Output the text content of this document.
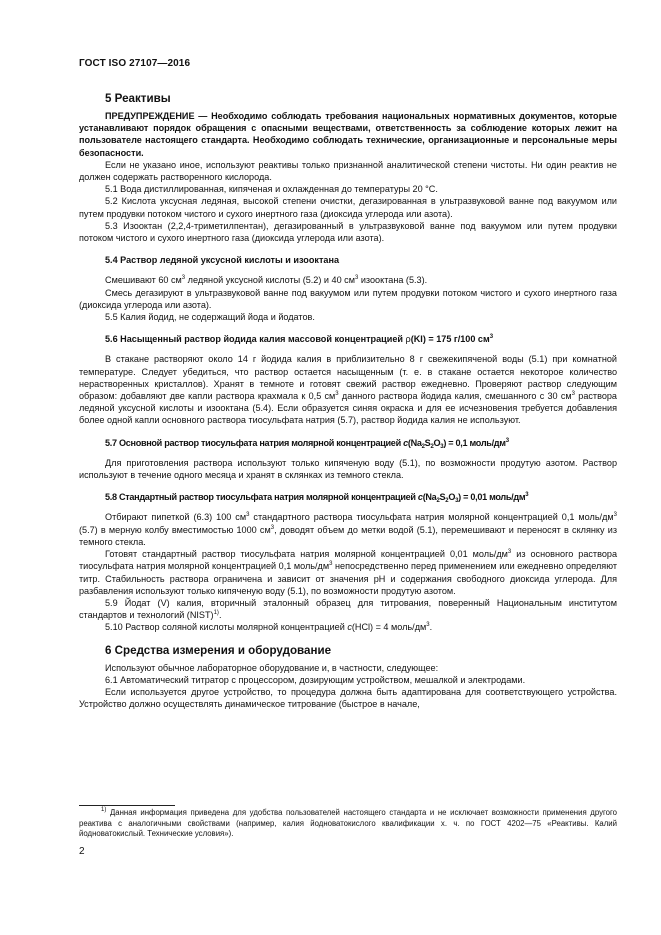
ГОСТ ISO 27107—2016
5 Реактивы

ПРЕДУПРЕЖДЕНИЕ — Необходимо соблюдать требования национальных нормативных документов, которые устанавливают порядок обращения с опасными веществами, ответственность за соблюдение которых лежит на пользователе настоящего стандарта. Необходимо соблюдать технические, организационные и персональные меры безопасности.

Если не указано иное, используют реактивы только признанной аналитической степени чистоты. Ни один реактив не должен содержать растворенного кислорода.

5.1 Вода дистиллированная, кипяченая и охлажденная до температуры 20 °С.

5.2 Кислота уксусная ледяная, высокой степени очистки, дегазированная в ультразвуковой ванне под вакуумом или путем продувки потоком чистого и сухого инертного газа (диоксида углерода или азота).

5.3 Изооктан (2,2,4-триметилпентан), дегазированный в ультразвуковой ванне под вакуумом или путем продувки потоком чистого и сухого инертного газа (диоксида углерода или азота).

5.4 Раствор ледяной уксусной кислоты и изооктана

Смешивают 60 $см^3$ ледяной уксусной кислоты (5.2) и 40 $см^3$ изооктана (5.3).

Смесь дегазируют в ультразвуковой ванне под вакуумом или путем продувки потоком чистого и сухого инертного газа (диоксида углерода или азота).

5.5 Калия йодид, не содержащий йода и йодатов.

5.6 Насыщенный раствор йодида калия массовой концентрацией ρ(KI) = 175 г/100 $см^3$

В стакане растворяют около 14 г йодида калия в приблизительно 8 г свежекипяченой воды (5.1) при комнатной температуре. Следует убедиться, что раствор остается насыщенным (т. е. в стакане остается некоторое количество нерастворенных кристаллов). Хранят в темноте и готовят свежий раствор ежедневно. Проверяют раствор следующим образом: добавляют две капли раствора крахмала к 0,5 $см^3$ данного раствора йодида калия, смешанного с 30 $см^3$ раствора ледяной уксусной кислоты и изооктана (5.4). Если образуется синяя окраска и для ее исчезновения требуется добавления более одной капли основного раствора тиосульфата натрия (5.7), раствор йодида калия не используют.

5.7 Основной раствор тиосульфата натрия молярной концентрацией $c(Na_2S_2O_3) = 0,1$ моль/$дм^3$

Для приготовления раствора используют только кипяченую воду (5.1), по возможности продутую азотом. Раствор используют в течение одного месяца и хранят в склянках из темного стекла.

5.8 Стандартный раствор тиосульфата натрия молярной концентрацией $c(Na_2S_2O_3) = 0,01$ моль/$дм^3$

Отбирают пипеткой (6.3) 100 $см^3$ стандартного раствора тиосульфата натрия молярной концентрацией 0,1 моль/$дм^3$ (5.7) в мерную колбу вместимостью 1000 $см^3$, доводят объем до метки водой (5.1), перемешивают и переносят в склянку из темного стекла.

Готовят стандартный раствор тиосульфата натрия молярной концентрацией 0,01 моль/$дм^3$ из основного раствора тиосульфата натрия молярной концентрацией 0,1 моль/$дм^3$ непосредственно перед применением или ежедневно определяют титр. Стабильность раствора ограничена и зависит от значения pH и содержания свободного диоксида углерода. Для разбавления используют только кипяченую воду (5.1), по возможности продутую азотом.

5.9 Йодат (V) калия, вторичный эталонный образец для титрования, поверенный Национальным институтом стандартов и технологий (NIST)$^{1)}$.

5.10 Раствор соляной кислоты молярной концентрацией c(HCl) = 4 моль/$дм^3$.

6 Средства измерения и оборудование

Используют обычное лабораторное оборудование и, в частности, следующее:

6.1 Автоматический титратор с процессором, дозирующим устройством, мешалкой и электродами.

Если используется другое устройство, то процедура должна быть адаптирована для соответствующего устройства. Устройство должно осуществлять динамическое титрование (быстрое в начале,

$^{1)}$ Данная информация приведена для удобства пользователей настоящего стандарта и не исключает возможности применения другого реактива с аналогичными свойствами (например, калия йодноватокислого квалификации х. ч. по ГОСТ 4202—75 «Реактивы. Калий йодноватокислый. Технические условия»).

2
